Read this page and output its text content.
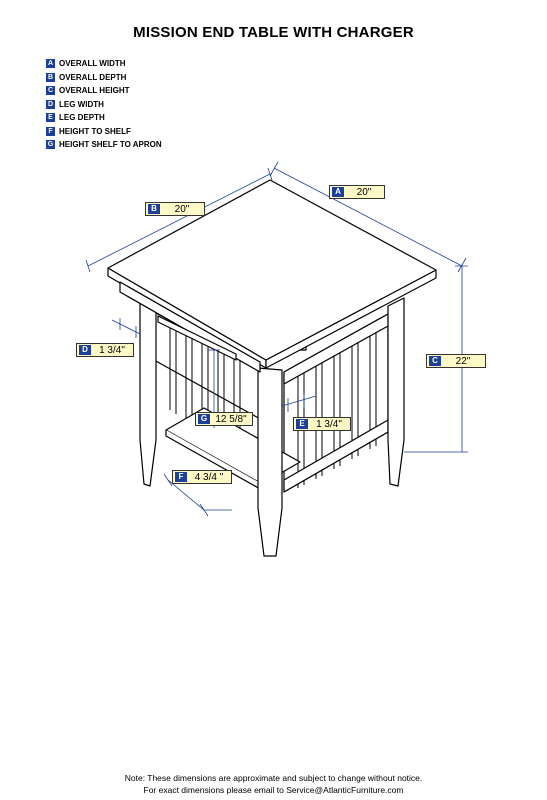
MISSION END TABLE WITH CHARGER
A OVERALL WIDTH
B OVERALL DEPTH
C OVERALL HEIGHT
D LEG WIDTH
E LEG DEPTH
F HEIGHT TO SHELF
G HEIGHT SHELF TO APRON
A	20"
B	20"
C	22"
D	1 3/4"
E	1 3/4"
G 12 5/8"
F	4 3/4 "
Note: These dimensions are approximate and subject to change without notice.
For exact dimensions please email to Service@AtlanticFurniture.com
